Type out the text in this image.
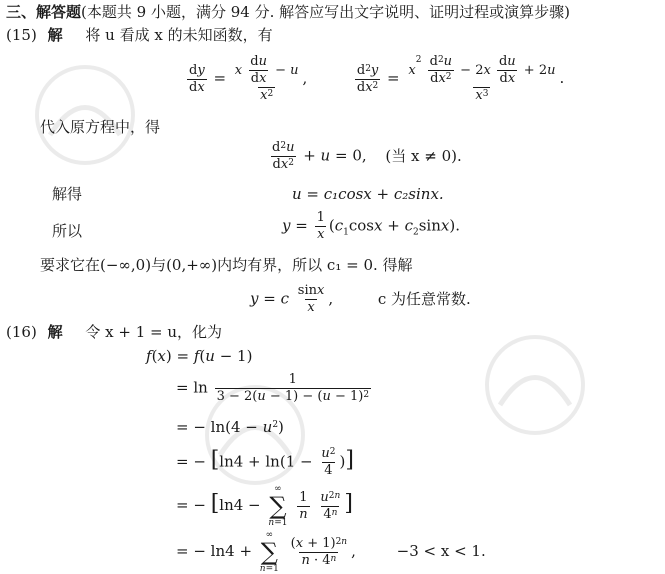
三、解答题(本题共 9 小题，满分 94 分. 解答应写出文字说明、证明过程或演算步骤)
(15) 解 将 u 看成 x 的未知函数，有
$\frac{dy}{dx} = x \frac{du}{dx} - u$
$x^2$
,	$\frac{d^2y}{dx^2} = x^2 \frac{d^2u}{dx^2} - 2x \frac{du}{dx} + 2u$
$x^3$
.
代入原方程中，得
$\frac{d^2u}{dx^2} + u = 0$, (当 x ≠ 0).
解得	u = c₁cosx + c₂sinx.
所以	$y = \frac{1}{x} (c_1\cos x + c_2\sin x)$.
要求它在(−∞,0)与(0,+∞)内均有界，所以 c₁ = 0. 得解
y = c $\frac{\sin x}{x}$ ,	c 为任意常数.
(16) 解 令 x + 1 = u，化为
f(x) = f(u − 1)
= $\ln \frac{1}{3 - 2(u - 1) - (u - 1)^2}$
= − $\ln(4 - u^2)$
= − [$\ln 4 + \ln(1 - \frac{u^2}{4}$ )]
= − [ln4 −
∞
∑
n=1

$\frac{1}{n}$
$\frac{u^{2n}}{4^n}$ ]
= − ln4 +
∞
∑
n=1

$\frac{(x + 1)^{2n}}{n \cdot 4^n}$ , −3 < x < 1.
